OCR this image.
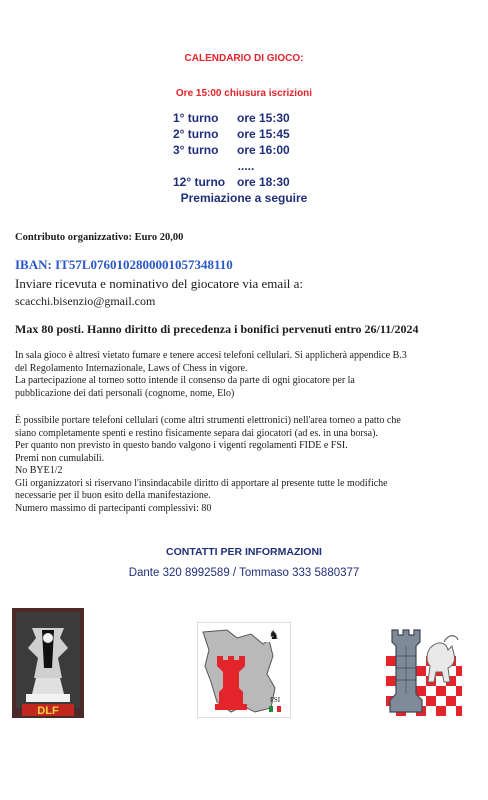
CALENDARIO DI GIOCO:
Ore 15:00 chiusura iscrizioni
1° turno ore 15:30
2° turno ore 15:45
3° turno ore 16:00
.....
12° turno ore 18:30
Premiazione a seguire
Contributo organizzativo: Euro 20,00
IBAN: IT57L0760102800001057348110
Inviare ricevuta e nominativo del giocatore via email a:
scacchi.bisenzio@gmail.com
Max 80 posti. Hanno diritto di precedenza i bonifici pervenuti entro 26/11/2024
In sala gioco è altresì vietato fumare e tenere accesi telefoni cellulari. Si applicherà appendice B.3
del Regolamento Internazionale, Laws of Chess in vigore.
La partecipazione al torneo sotto intende il consenso da parte di ogni giocatore per la
pubblicazione dei dati personali (cognome, nome, Elo)
È possibile portare telefoni cellulari (come altri strumenti elettronici) nell'area torneo a patto che
siano completamente spenti e restino fisicamente separa dai giocatori (ad es. in una borsa).
Per quanto non previsto in questo bando valgono i vigenti regolamenti FIDE e FSI.
Premi non cumulabili.
No BYE1/2
Gli organizzatori si riservano l'insindacabile diritto di apportare al presente tutte le modifiche
necessarie per il buon esito della manifestazione.
Numero massimo di partecipanti complessivi: 80
CONTATTI PER INFORMAZIONI
Dante 320 8992589 / Tommaso 333 5880377
DLF
♞
FSI
